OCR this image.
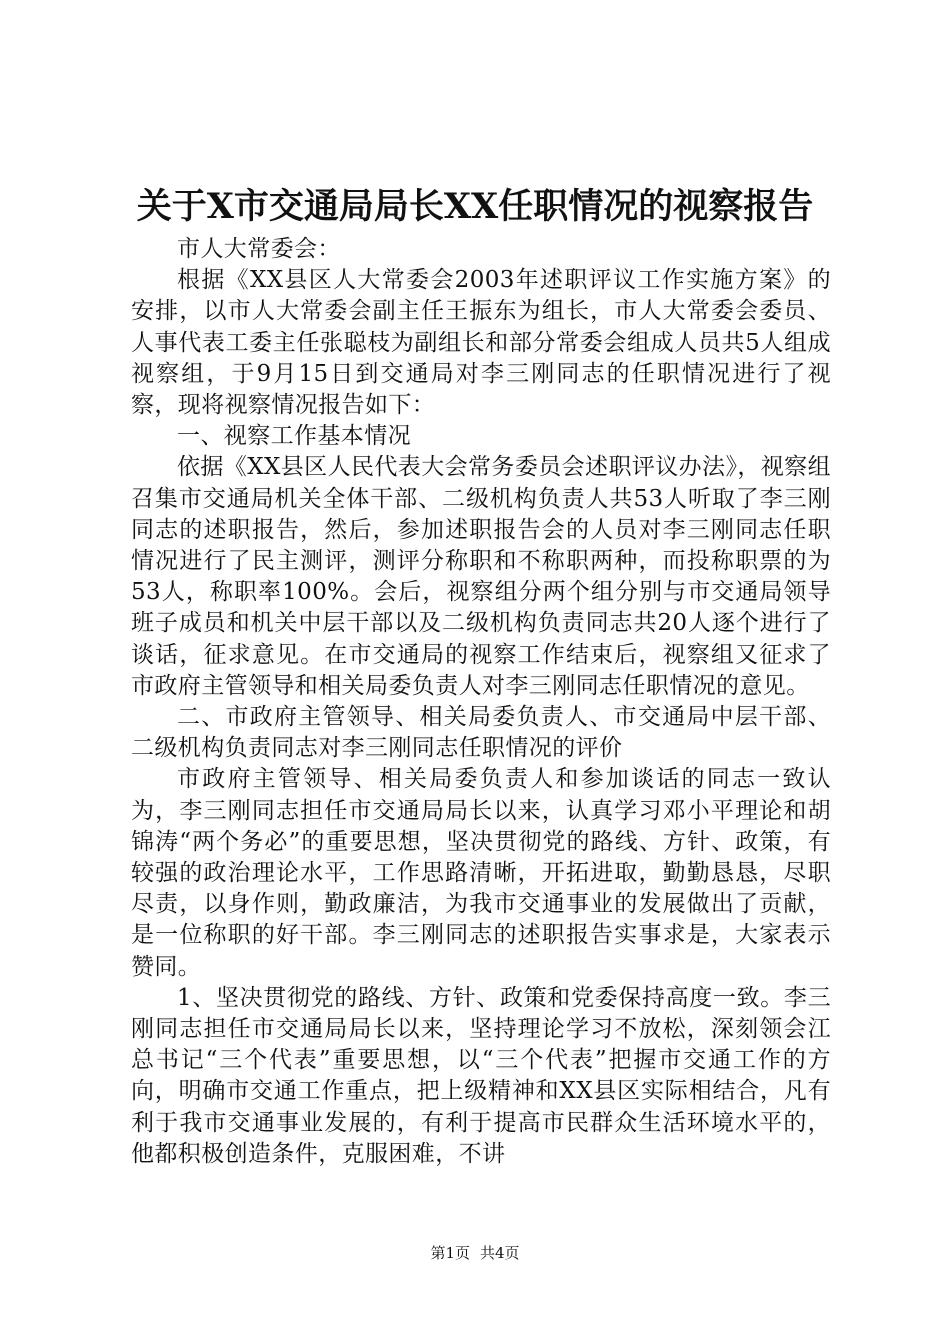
关于X市交通局局长XX任职情况的视察报告

市人大常委会：

根据《XX县区人大常委会2003年述职评议工作实施方案》的安排，以市人大常委会副主任王振东为组长，市人大常委会委员、人事代表工委主任张聪枝为副组长和部分常委会组成人员共5人组成视察组，于9月15日到交通局对李三刚同志的任职情况进行了视察，现将视察情况报告如下：

一、视察工作基本情况

依据《XX县区人民代表大会常务委员会述职评议办法》，视察组召集市交通局机关全体干部、二级机构负责人共53人听取了李三刚同志的述职报告，然后，参加述职报告会的人员对李三刚同志任职情况进行了民主测评，测评分称职和不称职两种，而投称职票的为53人，称职率100%。会后，视察组分两个组分别与市交通局领导班子成员和机关中层干部以及二级机构负责同志共20人逐个进行了谈话，征求意见。在市交通局的视察工作结束后，视察组又征求了市政府主管领导和相关局委负责人对李三刚同志任职情况的意见。

二、市政府主管领导、相关局委负责人、市交通局中层干部、二级机构负责同志对李三刚同志任职情况的评价

市政府主管领导、相关局委负责人和参加谈话的同志一致认为，李三刚同志担任市交通局局长以来，认真学习邓小平理论和胡锦涛“两个务必”的重要思想，坚决贯彻党的路线、方针、政策，有较强的政治理论水平，工作思路清晰，开拓进取，勤勤恳恳，尽职尽责，以身作则，勤政廉洁，为我市交通事业的发展做出了贡献，是一位称职的好干部。李三刚同志的述职报告实事求是，大家表示赞同。

1、坚决贯彻党的路线、方针、政策和党委保持高度一致。李三刚同志担任市交通局局长以来，坚持理论学习不放松，深刻领会江总书记“三个代表”重要思想，以“三个代表”把握市交通工作的方向，明确市交通工作重点，把上级精神和XX县区实际相结合，凡有利于我市交通事业发展的，有利于提高市民群众生活环境水平的，他都积极创造条件，克服困难，不讲

第1页 共4页
